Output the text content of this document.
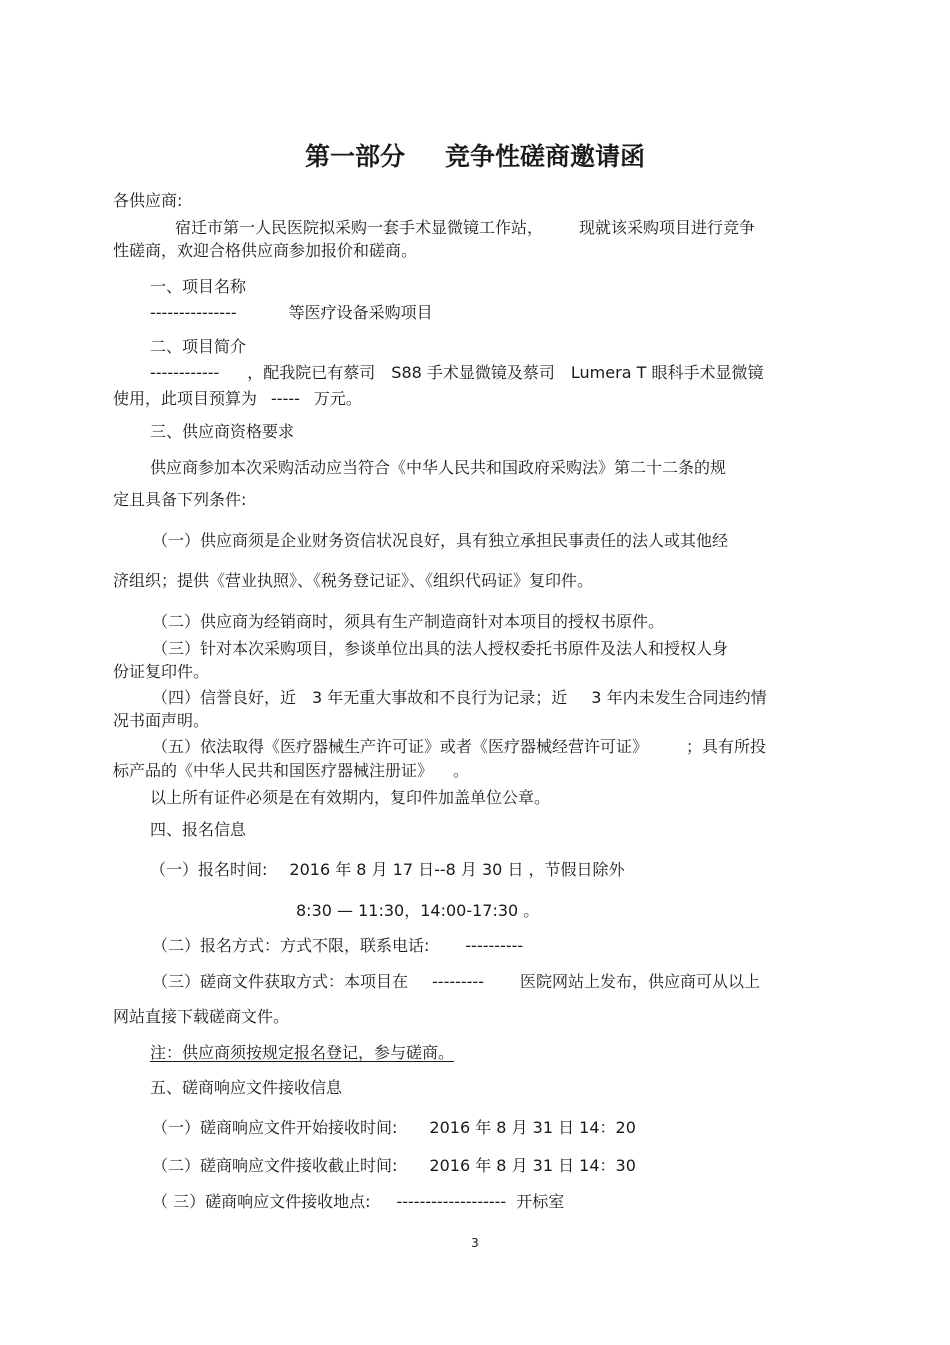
第一部分 竞争性磋商邀请函

各供应商:

宿迁市第一人民医院拟采购一套手术显微镜工作站， 现就该采购项目进行竞争

性磋商，欢迎合格供应商参加报价和磋商。

一、项目名称

---------------	等医疗设备采购项目

二、项目简介

------------ ，配我院已有蔡司 S88 手术显微镜及蔡司 Lumera T 眼科手术显微镜

使用，此项目预算为 ----- 万元。

三、供应商资格要求

供应商参加本次采购活动应当符合《中华人民共和国政府采购法》第二十二条的规

定且具备下列条件:

（一）供应商须是企业财务资信状况良好，具有独立承担民事责任的法人或其他经

济组织；提供《营业执照》、《税务登记证》、《组织代码证》复印件。

（二）供应商为经销商时，须具有生产制造商针对本项目的授权书原件。

（三）针对本次采购项目，参谈单位出具的法人授权委托书原件及法人和授权人身

份证复印件。

（四）信誉良好，近 3 年无重大事故和不良行为记录；近 3 年内未发生合同违约情

况书面声明。

（五）依法取得《医疗器械生产许可证》或者《医疗器械经营许可证》 ；具有所投

标产品的《中华人民共和国医疗器械注册证》 。

以上所有证件必须是在有效期内，复印件加盖单位公章。

四、报名信息

（一）报名时间: 2016 年 8 月 17 日--8 月 30 日 ，节假日除外

8:30 — 11:30，14:00-17:30 。

（二）报名方式：方式不限，联系电话: ----------

（三）磋商文件获取方式：本项目在 --------- 医院网站上发布，供应商可从以上

网站直接下载磋商文件。

注：供应商须按规定报名登记，参与磋商。

五、磋商响应文件接收信息

（一）磋商响应文件开始接收时间: 2016 年 8 月 31 日 14：20

（二）磋商响应文件接收截止时间: 2016 年 8 月 31 日 14：30

（ 三）磋商响应文件接收地点: ------------------- 开标室

3
